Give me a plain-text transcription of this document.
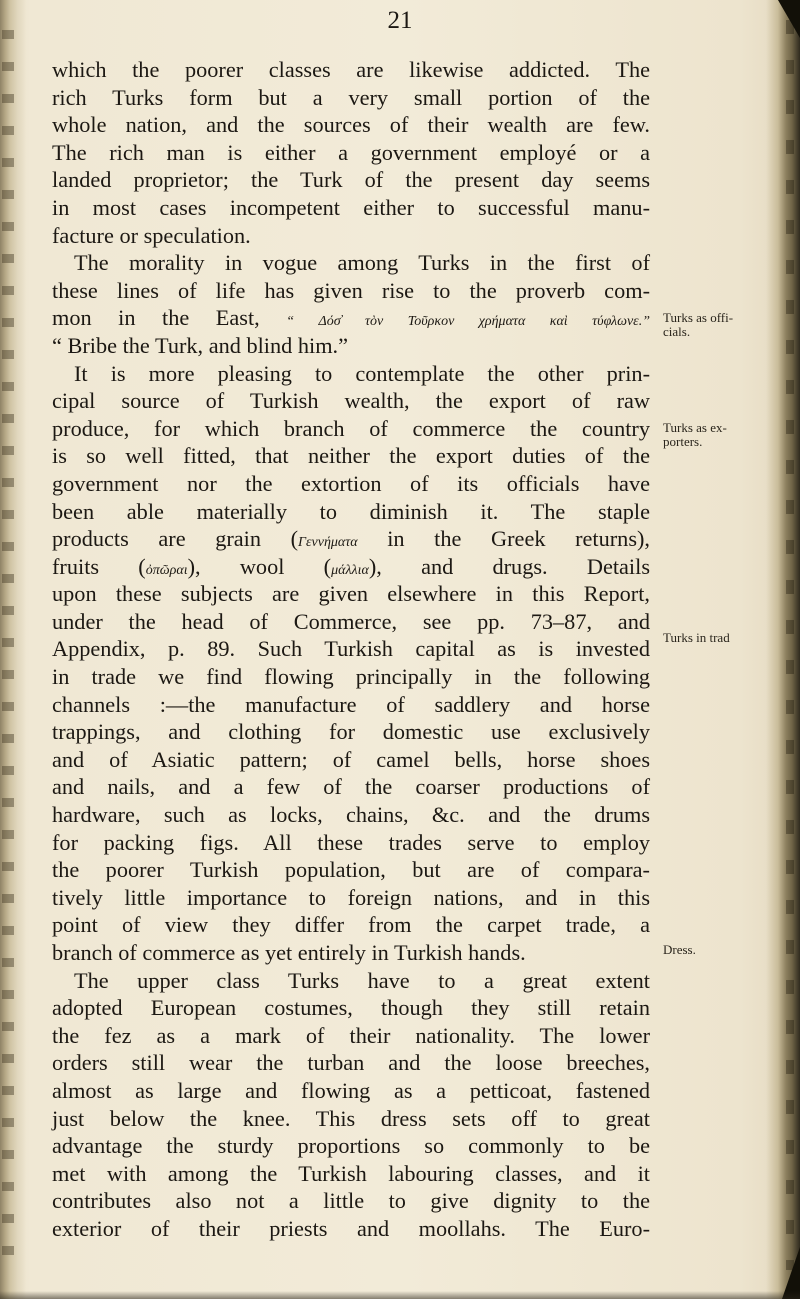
21
which the poorer classes are likewise addicted. The
rich Turks form but a very small portion of the
whole nation, and the sources of their wealth are few.
The rich man is either a government employé or a
landed proprietor; the Turk of the present day seems
in most cases incompetent either to successful manu-
facture or speculation.
The morality in vogue among Turks in the first of
these lines of life has given rise to the proverb com-
mon in the East, “ Δόσ̓ τὸν Τοῦρκον χρήματα καὶ τύφλωνε.”
“ Bribe the Turk, and blind him.”
It is more pleasing to contemplate the other prin-
cipal source of Turkish wealth, the export of raw
produce, for which branch of commerce the country
is so well fitted, that neither the export duties of the
government nor the extortion of its officials have
been able materially to diminish it. The staple
products are grain (Γεννήματα in the Greek returns),
fruits (ὀπῶραι), wool (μάλλια), and drugs. Details
upon these subjects are given elsewhere in this Report,
under the head of Commerce, see pp. 73–87, and
Appendix, p. 89. Such Turkish capital as is invested
in trade we find flowing principally in the following
channels :—the manufacture of saddlery and horse
trappings, and clothing for domestic use exclusively
and of Asiatic pattern; of camel bells, horse shoes
and nails, and a few of the coarser productions of
hardware, such as locks, chains, &c. and the drums
for packing figs. All these trades serve to employ
the poorer Turkish population, but are of compara-
tively little importance to foreign nations, and in this
point of view they differ from the carpet trade, a
branch of commerce as yet entirely in Turkish hands.
The upper class Turks have to a great extent
adopted European costumes, though they still retain
the fez as a mark of their nationality. The lower
orders still wear the turban and the loose breeches,
almost as large and flowing as a petticoat, fastened
just below the knee. This dress sets off to great
advantage the sturdy proportions so commonly to be
met with among the Turkish labouring classes, and it
contributes also not a little to give dignity to the
exterior of their priests and moollahs. The Euro-
Turks as offi-
cials.
Turks as ex-
porters.
Turks in trad
Dress.
